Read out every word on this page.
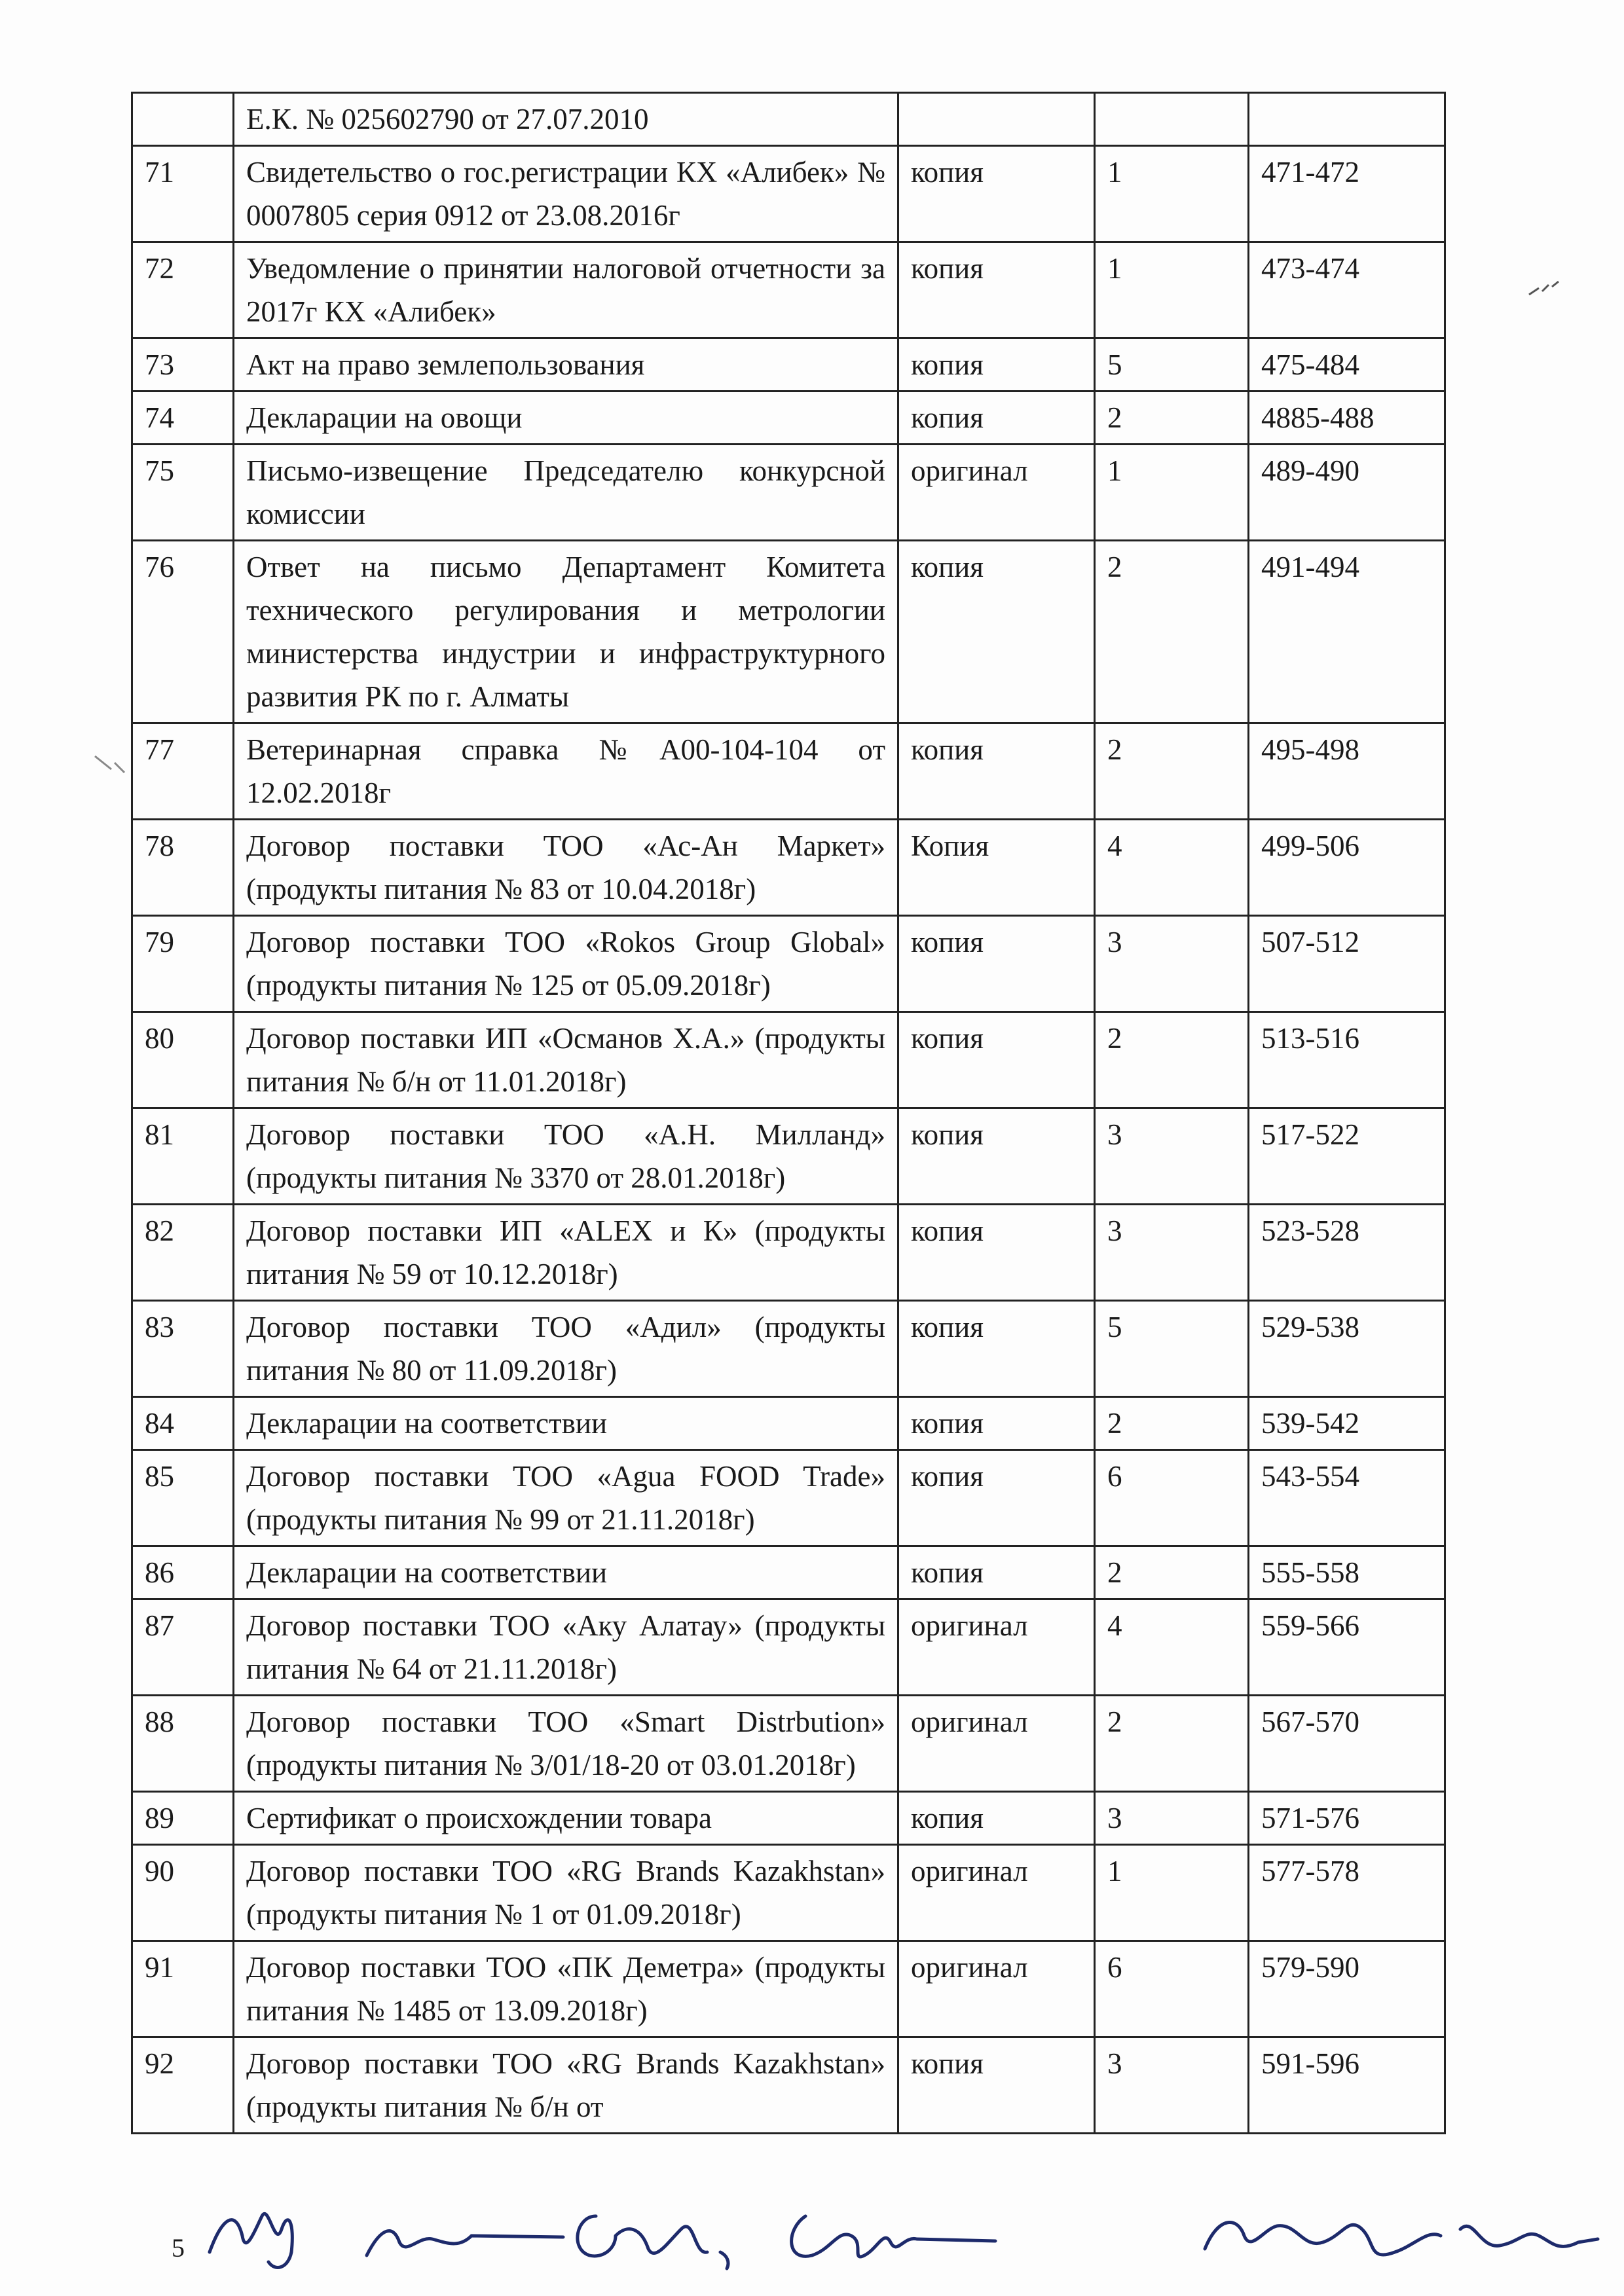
	Е.К. № 025602790 от 27.07.2010			
71	Свидетельство о гос.регистрации КХ «Алибек» № 0007805 серия 0912 от 23.08.2016г	копия	1	471-472
72	Уведомление о принятии налоговой отчетности за 2017г КХ «Алибек»	копия	1	473-474
73	Акт на право землепользования	копия	5	475-484
74	Декларации на овощи	копия	2	4885-488
75	Письмо-извещение Председателю конкурсной комиссии	оригинал	1	489-490
76	Ответ на письмо Департамент Комитета технического регулирования и метрологии министерства индустрии и инфраструктурного развития РК по г. Алматы	копия	2	491-494
77	Ветеринарная справка №А00-104-104 от 12.02.2018г	копия	2	495-498
78	Договор поставки ТОО «Ас-Ан Маркет» (продукты питания № 83 от 10.04.2018г)	Копия	4	499-506
79	Договор поставки ТОО «Rokos Group Global» (продукты питания № 125 от 05.09.2018г)	копия	3	507-512
80	Договор поставки ИП «Османов Х.А.» (продукты питания № б/н от 11.01.2018г)	копия	2	513-516
81	Договор поставки ТОО «А.Н. Милланд» (продукты питания № 3370 от 28.01.2018г)	копия	3	517-522
82	Договор поставки ИП «ALEX и К» (продукты питания № 59 от 10.12.2018г)	копия	3	523-528
83	Договор поставки ТОО «Адил» (продукты питания № 80 от 11.09.2018г)	копия	5	529-538
84	Декларации на соответствии	копия	2	539-542
85	Договор поставки ТОО «Agua FOOD Trade» (продукты питания № 99 от 21.11.2018г)	копия	6	543-554
86	Декларации на соответствии	копия	2	555-558
87	Договор поставки ТОО «Аку Алатау» (продукты питания № 64 от 21.11.2018г)	оригинал	4	559-566
88	Договор поставки ТОО «Smart Distrbution» (продукты питания № 3/01/18-20 от 03.01.2018г)	оригинал	2	567-570
89	Сертификат о происхождении товара	копия	3	571-576
90	Договор поставки ТОО «RG Brands Kazakhstan» (продукты питания № 1 от 01.09.2018г)	оригинал	1	577-578
91	Договор поставки ТОО «ПК Деметра» (продукты питания № 1485 от 13.09.2018г)	оригинал	6	579-590
92	Договор поставки ТОО «RG Brands Kazakhstan» (продукты питания № б/н от	копия	3	591-596
5
